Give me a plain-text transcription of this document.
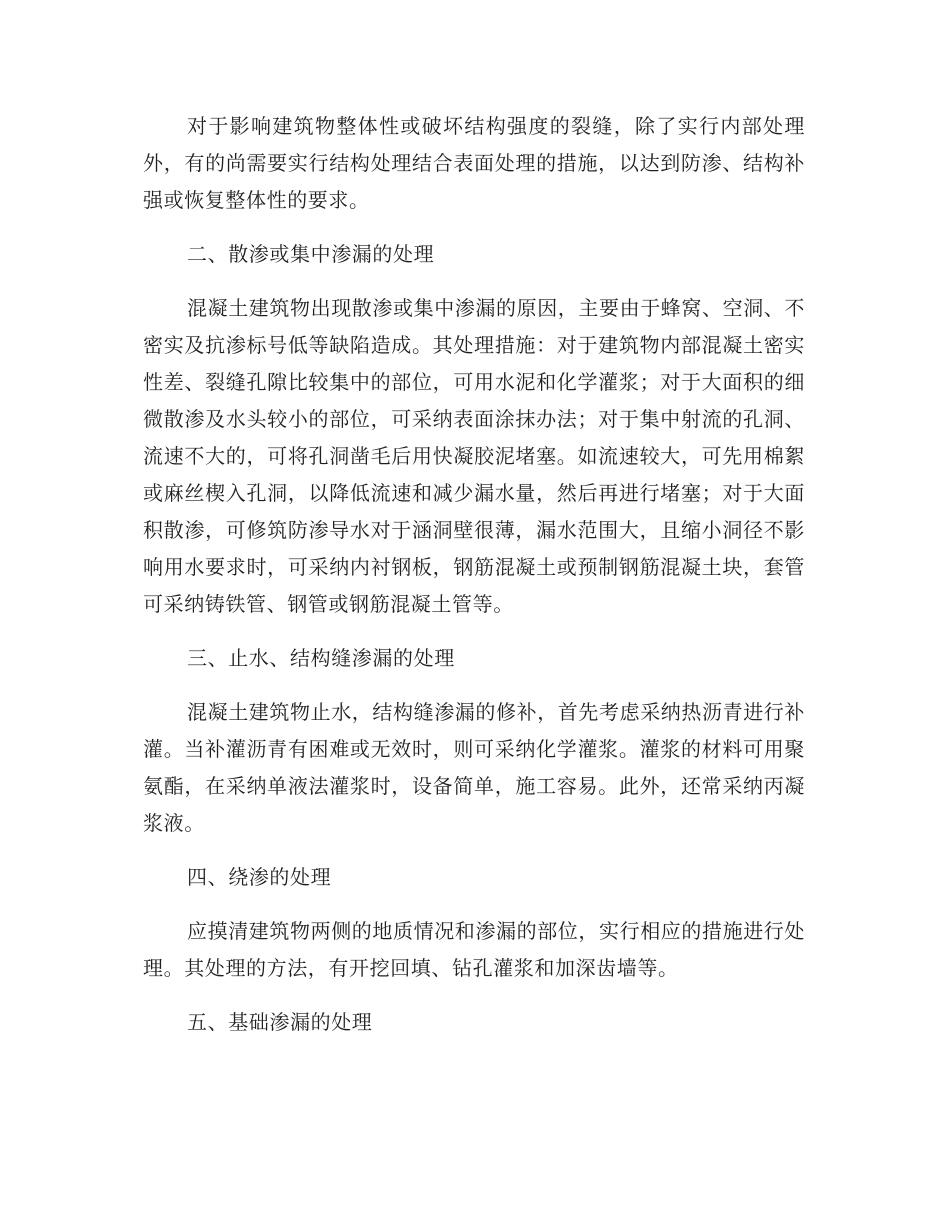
对于影响建筑物整体性或破坏结构强度的裂缝，除了实行内部处理外，有的尚需要实行结构处理结合表面处理的措施，以达到防渗、结构补强或恢复整体性的要求。

二、散渗或集中渗漏的处理

混凝土建筑物出现散渗或集中渗漏的原因，主要由于蜂窝、空洞、不密实及抗渗标号低等缺陷造成。其处理措施：对于建筑物内部混凝土密实性差、裂缝孔隙比较集中的部位，可用水泥和化学灌浆；对于大面积的细微散渗及水头较小的部位，可采纳表面涂抹办法；对于集中射流的孔洞、流速不大的，可将孔洞凿毛后用快凝胶泥堵塞。如流速较大，可先用棉絮或麻丝楔入孔洞，以降低流速和减少漏水量，然后再进行堵塞；对于大面积散渗，可修筑防渗导水对于涵洞壁很薄，漏水范围大，且缩小洞径不影响用水要求时，可采纳内衬钢板，钢筋混凝土或预制钢筋混凝土块，套管可采纳铸铁管、钢管或钢筋混凝土管等。

三、止水、结构缝渗漏的处理

混凝土建筑物止水，结构缝渗漏的修补，首先考虑采纳热沥青进行补灌。当补灌沥青有困难或无效时，则可采纳化学灌浆。灌浆的材料可用聚氨酯，在采纳单液法灌浆时，设备简单，施工容易。此外，还常采纳丙凝浆液。

四、绕渗的处理

应摸清建筑物两侧的地质情况和渗漏的部位，实行相应的措施进行处理。其处理的方法，有开挖回填、钻孔灌浆和加深齿墙等。

五、基础渗漏的处理
